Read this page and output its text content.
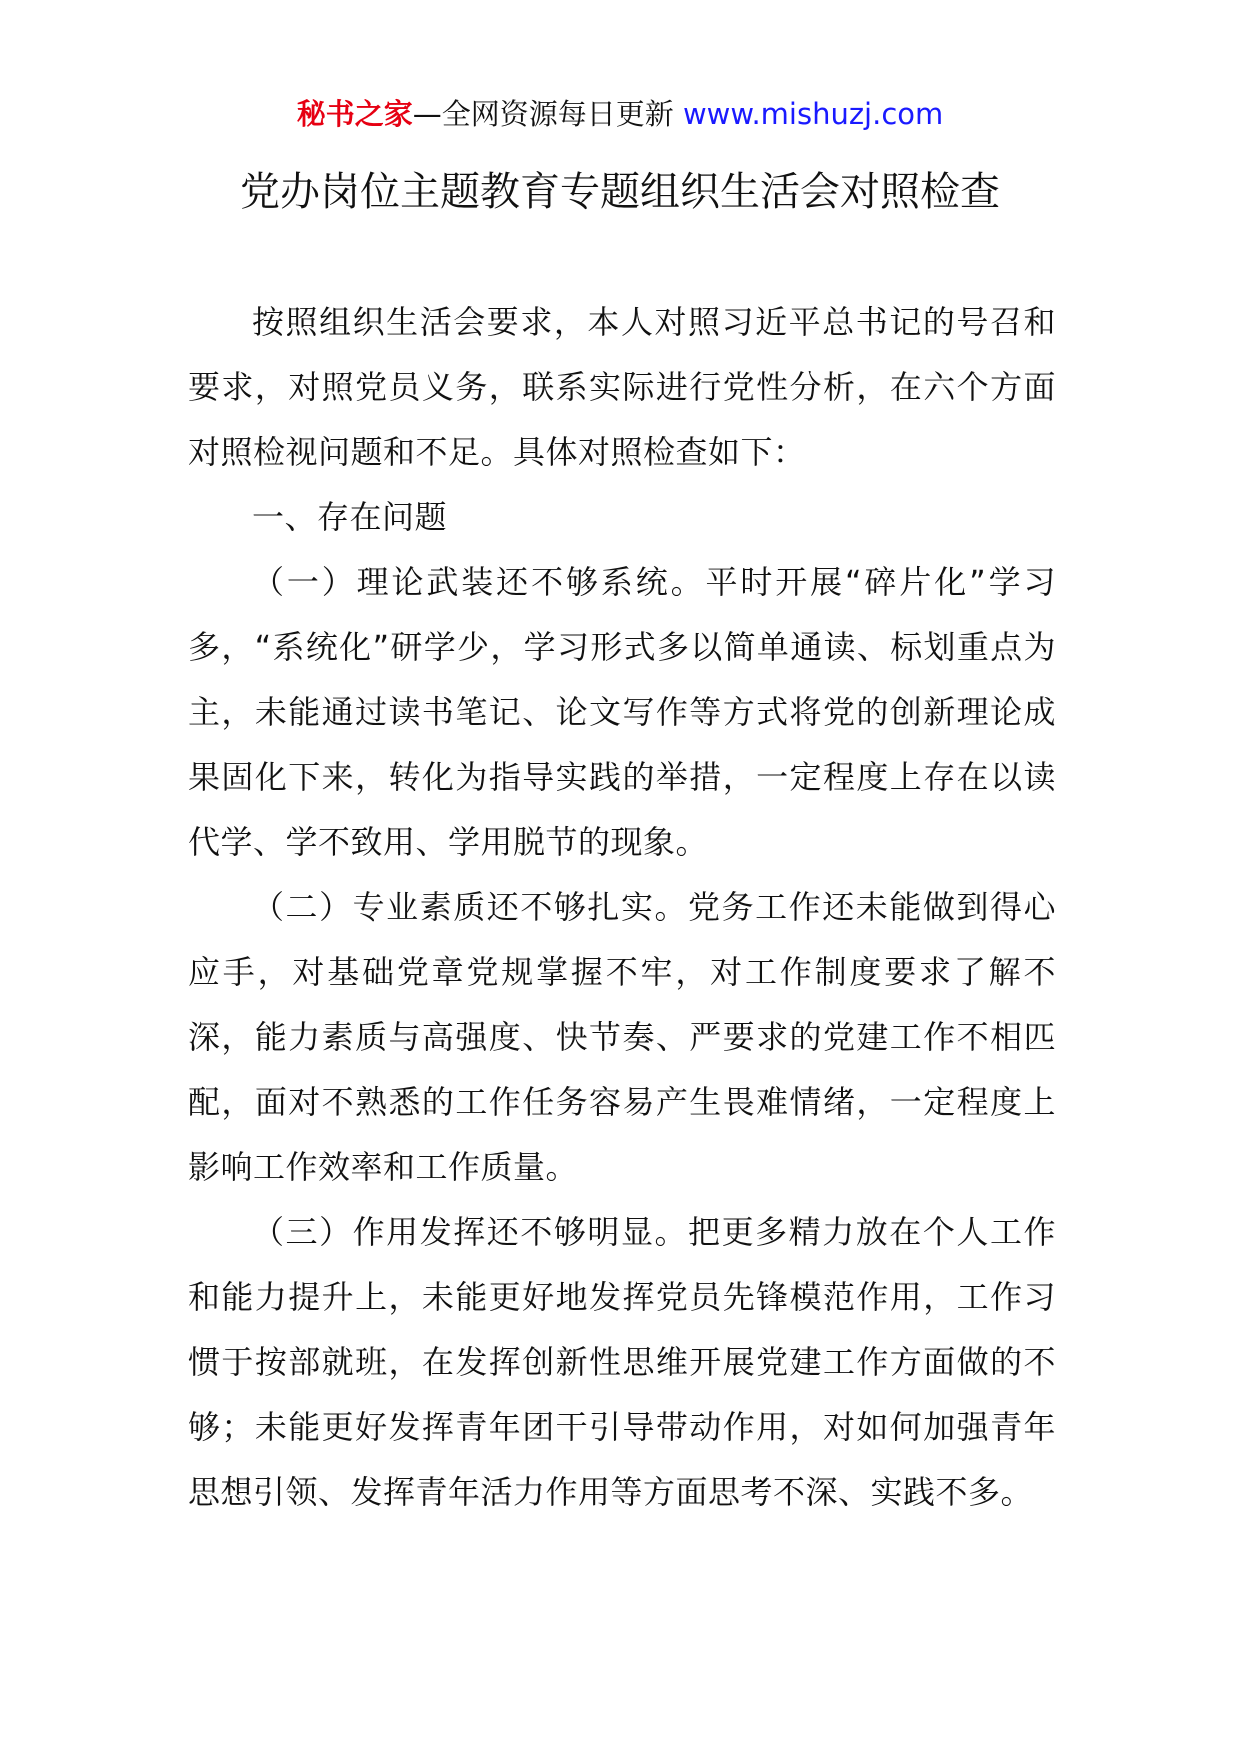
秘书之家—全网资源每日更新 www.mishuzj.com
党办岗位主题教育专题组织生活会对照检查

按照组织生活会要求，本人对照习近平总书记的号召和要求，对照党员义务，联系实际进行党性分析，在六个方面对照检视问题和不足。具体对照检查如下：

一、存在问题

（一）理论武装还不够系统。平时开展“碎片化”学习多，“系统化”研学少，学习形式多以简单通读、标划重点为主，未能通过读书笔记、论文写作等方式将党的创新理论成果固化下来，转化为指导实践的举措，一定程度上存在以读代学、学不致用、学用脱节的现象。

（二）专业素质还不够扎实。党务工作还未能做到得心应手，对基础党章党规掌握不牢，对工作制度要求了解不深，能力素质与高强度、快节奏、严要求的党建工作不相匹配，面对不熟悉的工作任务容易产生畏难情绪，一定程度上影响工作效率和工作质量。

（三）作用发挥还不够明显。把更多精力放在个人工作和能力提升上，未能更好地发挥党员先锋模范作用，工作习惯于按部就班，在发挥创新性思维开展党建工作方面做的不够；未能更好发挥青年团干引导带动作用，对如何加强青年思想引领、发挥青年活力作用等方面思考不深、实践不多。
